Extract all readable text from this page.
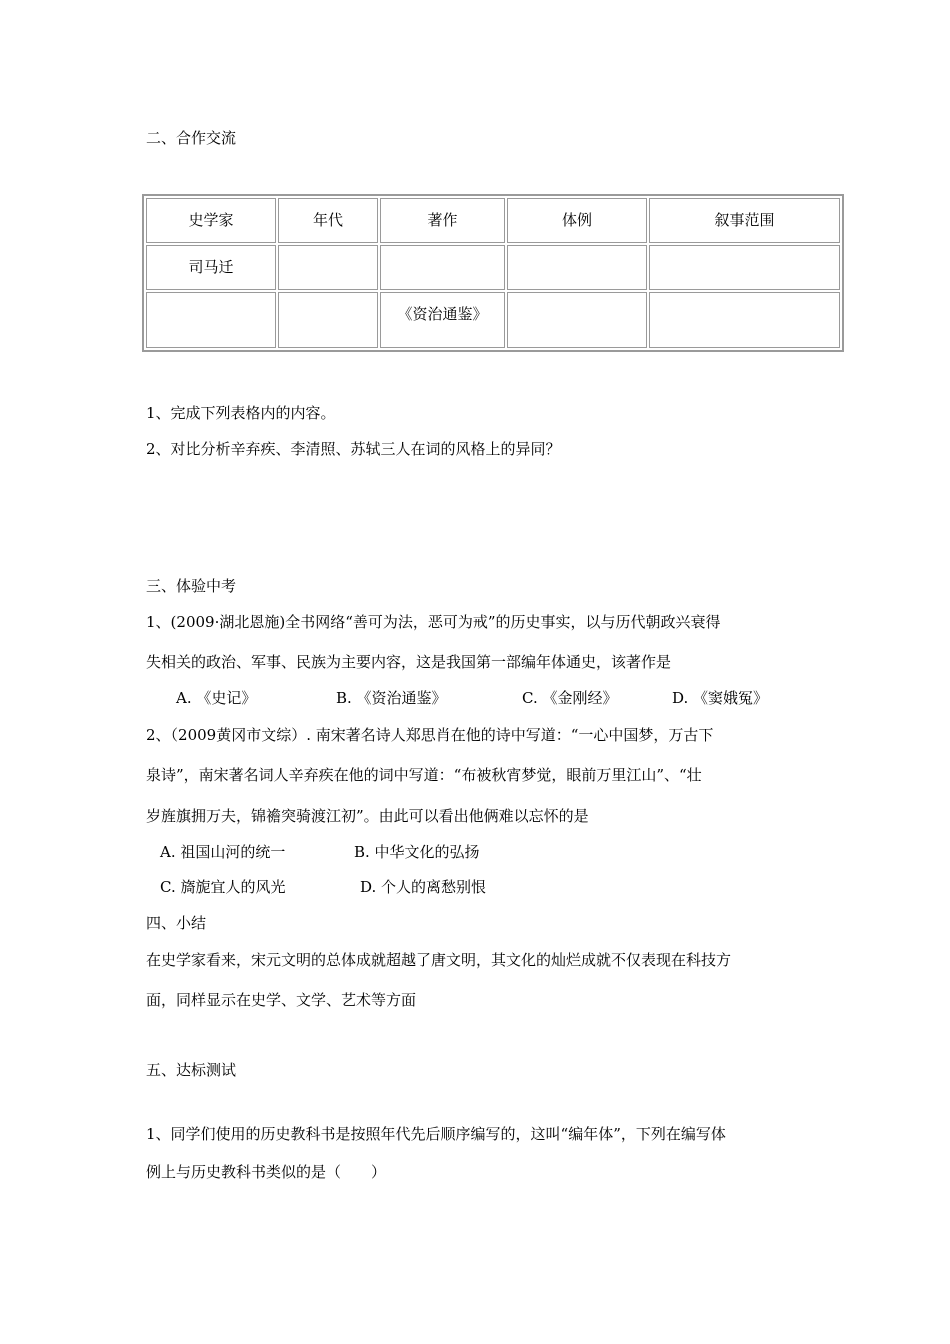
二、合作交流
史学家	年代	著作	体例	叙事范围
司马迁				
		《资治通鉴》		
1、完成下列表格内的内容。
2、对比分析辛弃疾、李清照、苏轼三人在词的风格上的异同？
三、体验中考
1、(2009·湖北恩施)全书网络“善可为法，恶可为戒”的历史事实，以与历代朝政兴衰得
失相关的政治、军事、民族为主要内容，这是我国第一部编年体通史，该著作是
A. 《史记》	B. 《资治通鉴》	C. 《金刚经》	D. 《窦娥冤》
2、（2009黄冈市文综）. 南宋著名诗人郑思肖在他的诗中写道：“一心中国梦，万古下
泉诗”，南宋著名词人辛弃疾在他的词中写道：“布被秋宵梦觉，眼前万里江山”、“壮
岁旌旗拥万夫，锦襜突骑渡江初”。由此可以看出他俩难以忘怀的是
A. 祖国山河的统一	B. 中华文化的弘扬
C. 旖旎宜人的风光	D. 个人的离愁别恨
四、小结
在史学家看来，宋元文明的总体成就超越了唐文明，其文化的灿烂成就不仅表现在科技方
面，同样显示在史学、文学、艺术等方面
五、达标测试
1、同学们使用的历史教科书是按照年代先后顺序编写的，这叫“编年体”，下列在编写体
例上与历史教科书类似的是（　　）
